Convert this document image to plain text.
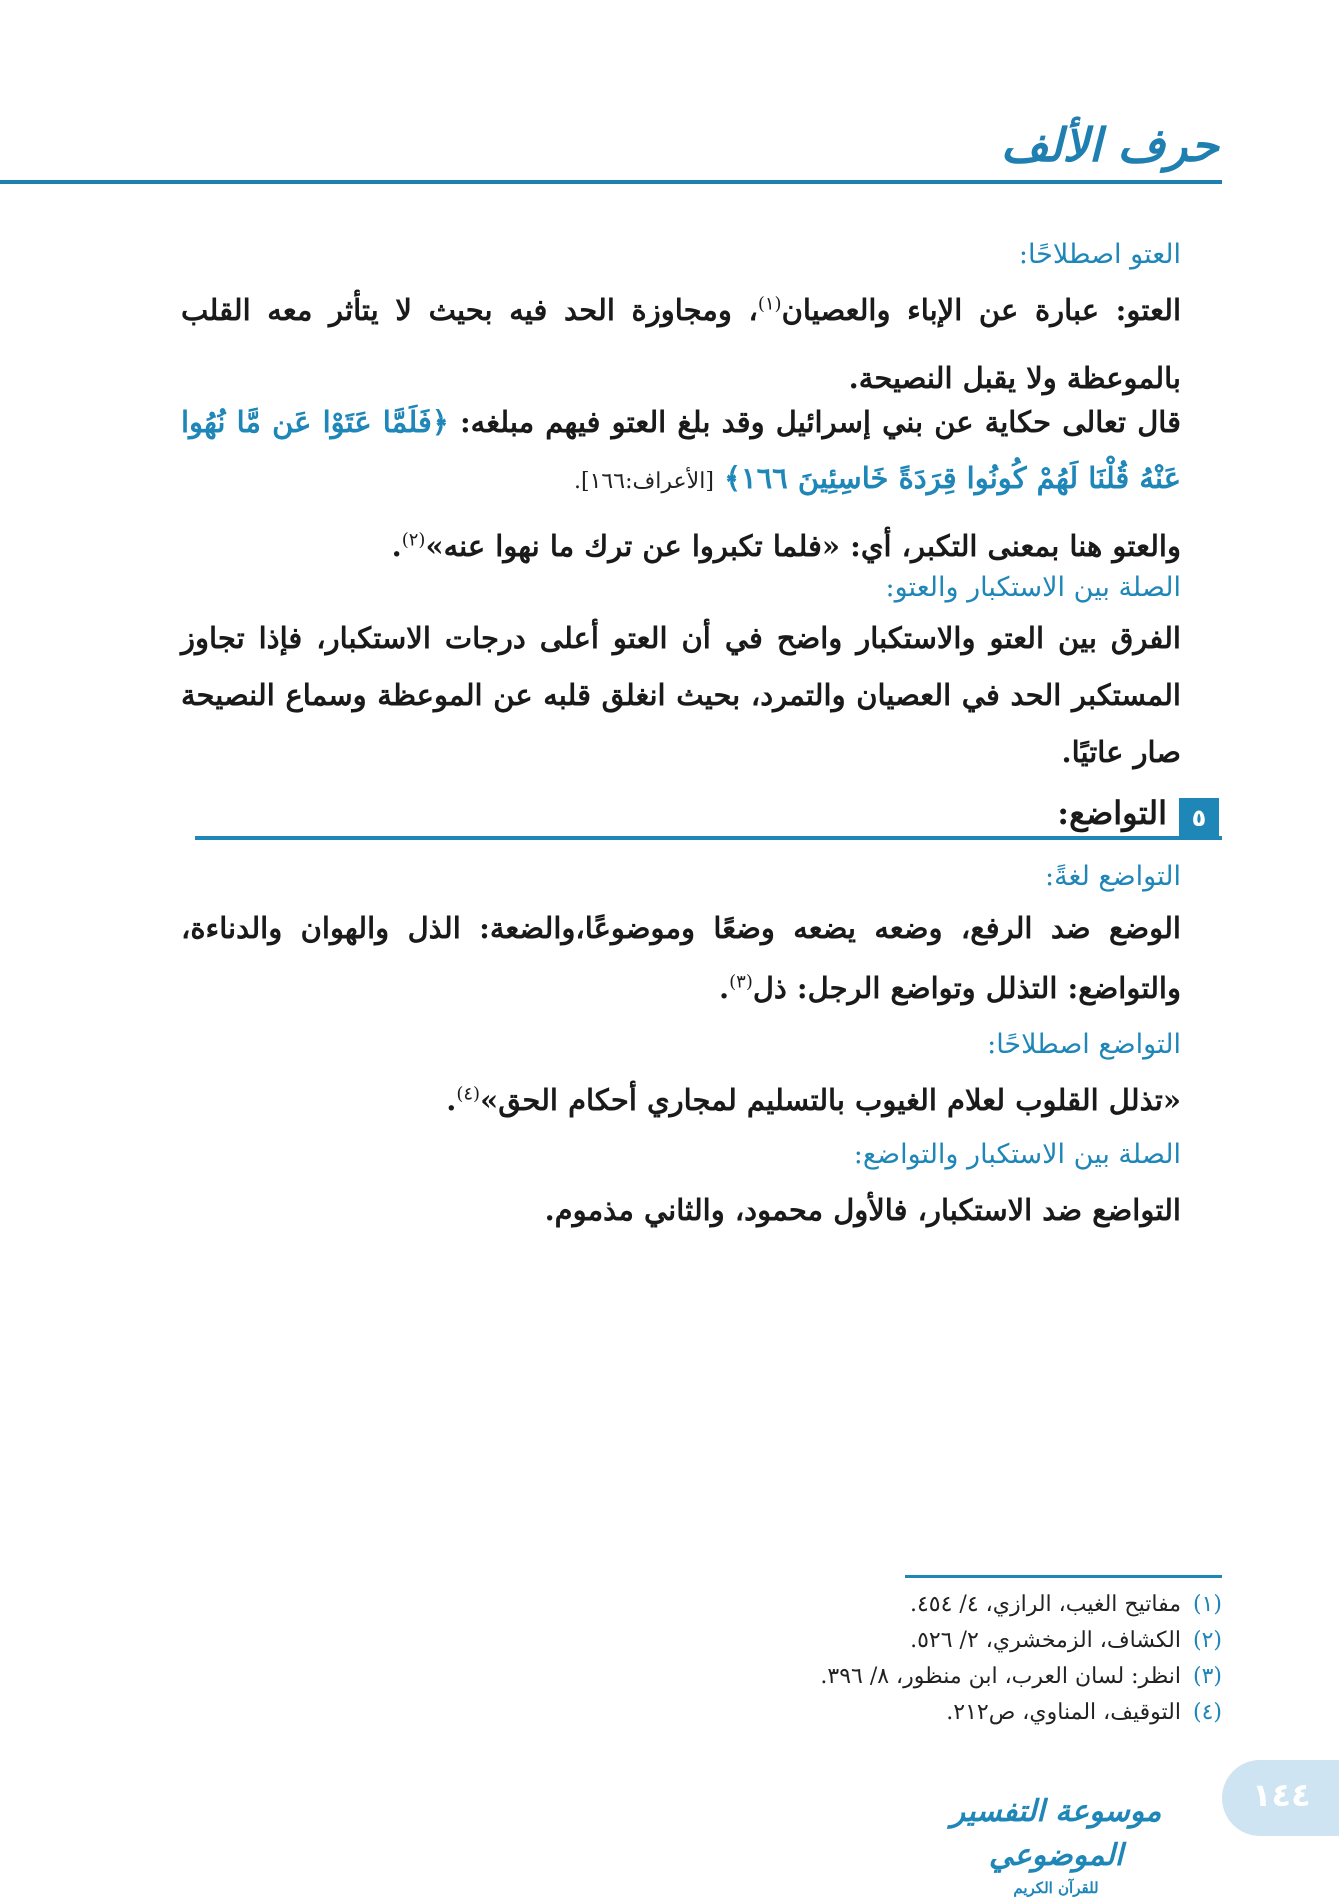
حرف الألف
العتو اصطلاحًا:
العتو: عبارة عن الإباء والعصيان$^{(١)}$، ومجاوزة الحد فيه بحيث لا يتأثر معه القلب بالموعظة ولا يقبل النصيحة.
قال تعالى حكاية عن بني إسرائيل وقد بلغ العتو فيهم مبلغه: ﴿فَلَمَّا عَتَوْا عَن مَّا نُهُوا عَنْهُ قُلْنَا لَهُمْ كُونُوا قِرَدَةً خَاسِئِينَ ١٦٦﴾ [الأعراف:١٦٦].
والعتو هنا بمعنى التكبر، أي: «فلما تكبروا عن ترك ما نهوا عنه»$^{(٢)}$.
الصلة بين الاستكبار والعتو:
الفرق بين العتو والاستكبار واضح في أن العتو أعلى درجات الاستكبار، فإذا تجاوز المستكبر الحد في العصيان والتمرد، بحيث انغلق قلبه عن الموعظة وسماع النصيحة صار عاتيًا.
٥
التواضع:
التواضع لغةً:
الوضع ضد الرفع، وضعه يضعه وضعًا وموضوعًا،والضعة: الذل والهوان والدناءة، والتواضع: التذلل وتواضع الرجل: ذل$^{(٣)}$.
التواضع اصطلاحًا:
«تذلل القلوب لعلام الغيوب بالتسليم لمجاري أحكام الحق»$^{(٤)}$.
الصلة بين الاستكبار والتواضع:
التواضع ضد الاستكبار، فالأول محمود، والثاني مذموم.
(١)مفاتيح الغيب، الرازي، ٤/ ٤٥٤.
(٢)الكشاف، الزمخشري، ٢/ ٥٢٦.
(٣)انظر: لسان العرب، ابن منظور، ٨/ ٣٩٦.
(٤)التوقيف، المناوي، ص٢١٢.
موسوعة التفسير الموضوعي
للقرآن الكريم
١٤٤
